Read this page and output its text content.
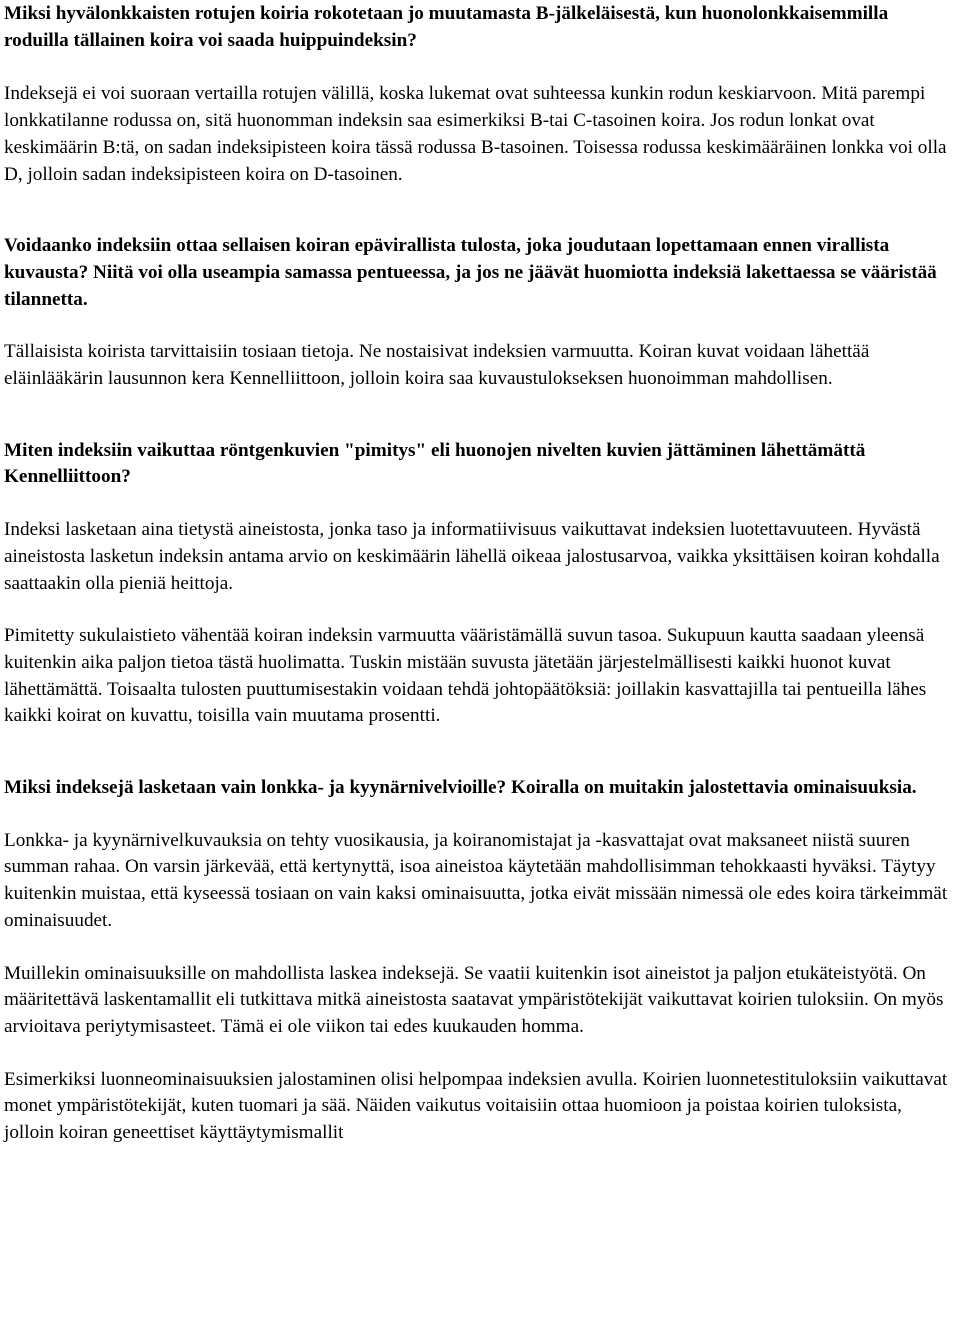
Miksi hyvälonkkaisten rotujen koiria rokotetaan jo muutamasta B-jälkeläisestä, kun huonolonkkaisemmilla roduilla tällainen koira voi saada huippuindeksin?

Indeksejä ei voi suoraan vertailla rotujen välillä, koska lukemat ovat suhteessa kunkin rodun keskiarvoon. Mitä parempi lonkkatilanne rodussa on, sitä huonomman indeksin saa esimerkiksi B-tai C-tasoinen koira. Jos rodun lonkat ovat keskimäärin B:tä, on sadan indeksipisteen koira tässä rodussa B-tasoinen. Toisessa rodussa keskimääräinen lonkka voi olla D, jolloin sadan indeksipisteen koira on D-tasoinen.

Voidaanko indeksiin ottaa sellaisen koiran epävirallista tulosta, joka joudutaan lopettamaan ennen virallista kuvausta? Niitä voi olla useampia samassa pentueessa, ja jos ne jäävät huomiotta indeksiä lakettaessa se vääristää tilannetta.

Tällaisista koirista tarvittaisiin tosiaan tietoja. Ne nostaisivat indeksien varmuutta. Koiran kuvat voidaan lähettää eläinlääkärin lausunnon kera Kennelliittoon, jolloin koira saa kuvaustulokseksen huonoimman mahdollisen.

Miten indeksiin vaikuttaa röntgenkuvien "pimitys" eli huonojen nivelten kuvien jättäminen lähettämättä Kennelliittoon?

Indeksi lasketaan aina tietystä aineistosta, jonka taso ja informatiivisuus vaikuttavat indeksien luotettavuuteen. Hyvästä aineistosta lasketun indeksin antama arvio on keskimäärin lähellä oikeaa jalostusarvoa, vaikka yksittäisen koiran kohdalla saattaakin olla pieniä heittoja.

Pimitetty sukulaistieto vähentää koiran indeksin varmuutta vääristämällä suvun tasoa. Sukupuun kautta saadaan yleensä kuitenkin aika paljon tietoa tästä huolimatta. Tuskin mistään suvusta jätetään järjestelmällisesti kaikki huonot kuvat lähettämättä. Toisaalta tulosten puuttumisestakin voidaan tehdä johtopäätöksiä: joillakin kasvattajilla tai pentueilla lähes kaikki koirat on kuvattu, toisilla vain muutama prosentti.

Miksi indeksejä lasketaan vain lonkka- ja kyynärnivelvioille? Koiralla on muitakin jalostettavia ominaisuuksia.

Lonkka- ja kyynärnivelkuvauksia on tehty vuosikausia, ja koiranomistajat ja -kasvattajat ovat maksaneet niistä suuren summan rahaa. On varsin järkevää, että kertynyttä, isoa aineistoa käytetään mahdollisimman tehokkaasti hyväksi. Täytyy kuitenkin muistaa, että kyseessä tosiaan on vain kaksi ominaisuutta, jotka eivät missään nimessä ole edes koira tärkeimmät ominaisuudet.

Muillekin ominaisuuksille on mahdollista laskea indeksejä. Se vaatii kuitenkin isot aineistot ja paljon etukäteistyötä. On määritettävä laskentamallit eli tutkittava mitkä aineistosta saatavat ympäristötekijät vaikuttavat koirien tuloksiin. On myös arvioitava periytymisasteet. Tämä ei ole viikon tai edes kuukauden homma.

Esimerkiksi luonneominaisuuksien jalostaminen olisi helpompaa indeksien avulla. Koirien luonnetestituloksiin vaikuttavat monet ympäristötekijät, kuten tuomari ja sää. Näiden vaikutus voitaisiin ottaa huomioon ja poistaa koirien tuloksista, jolloin koiran geneettiset käyttäytymismallit
